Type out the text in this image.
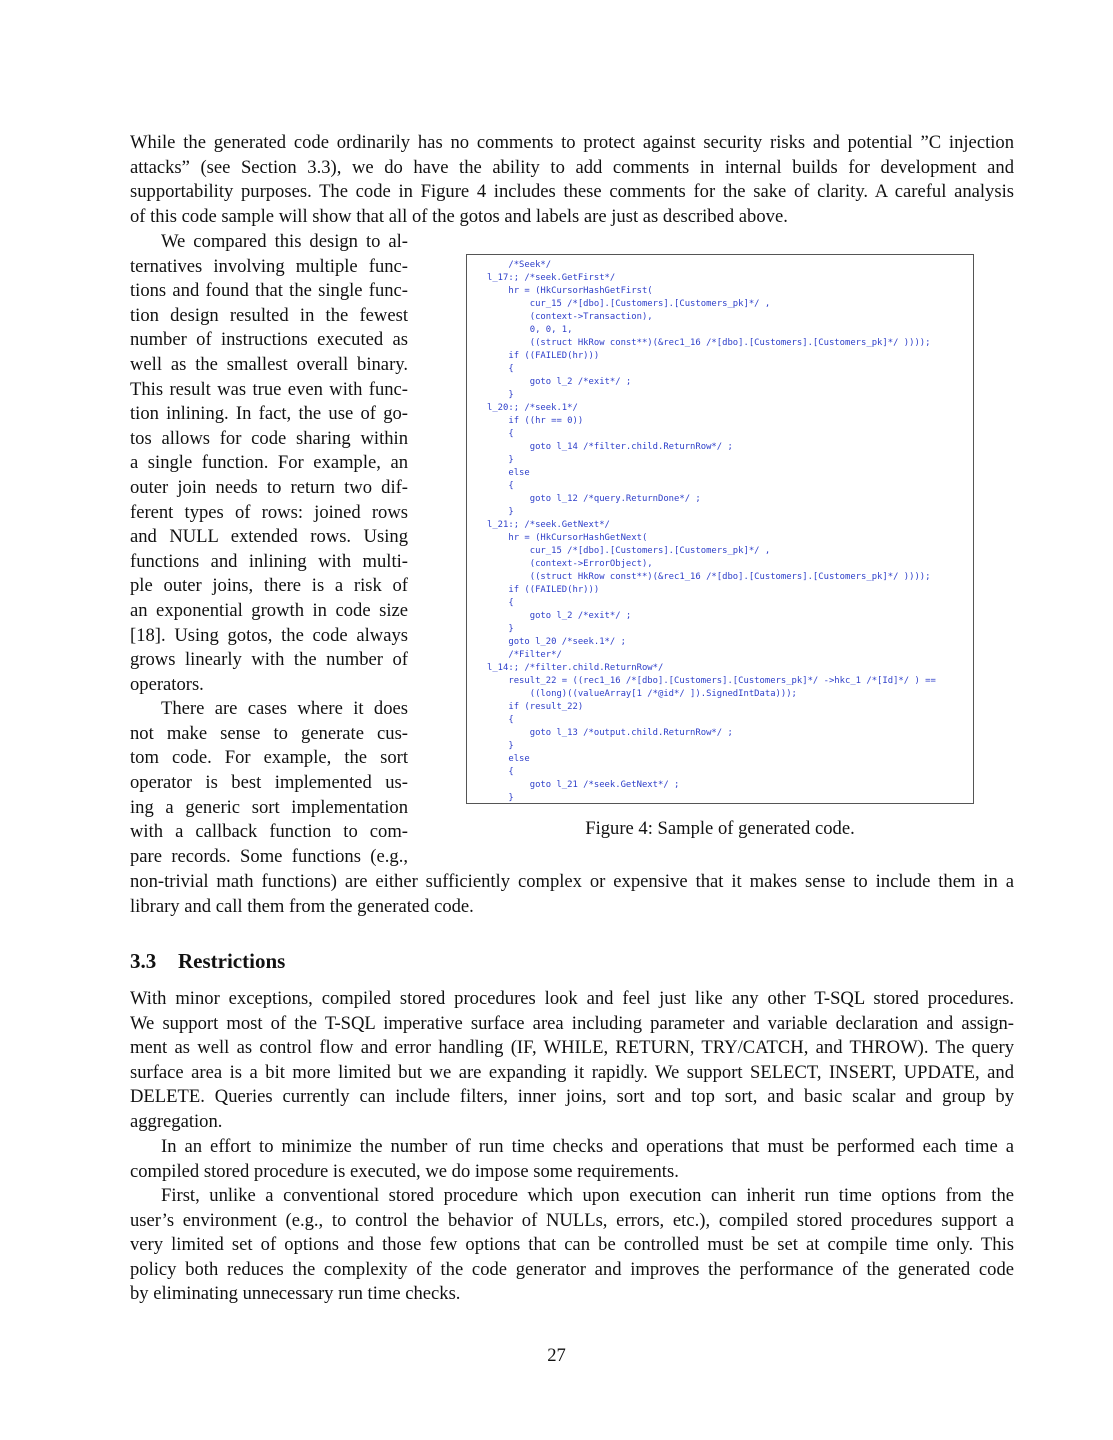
While the generated code ordinarily has no comments to protect against security risks and potential ”C injection
attacks” (see Section 3.3), we do have the ability to add comments in internal builds for development and
supportability purposes. The code in Figure 4 includes these comments for the sake of clarity. A careful analysis
of this code sample will show that all of the gotos and labels are just as described above.
We compared this design to al-
ternatives involving multiple func-
tions and found that the single func-
tion design resulted in the fewest
number of instructions executed as
well as the smallest overall binary.
This result was true even with func-
tion inlining. In fact, the use of go-
tos allows for code sharing within
a single function. For example, an
outer join needs to return two dif-
ferent types of rows: joined rows
and NULL extended rows. Using
functions and inlining with multi-
ple outer joins, there is a risk of
an exponential growth in code size
[18]. Using gotos, the code always
grows linearly with the number of
operators.
There are cases where it does
not make sense to generate cus-
tom code. For example, the sort
operator is best implemented us-
ing a generic sort implementation
with a callback function to com-
pare records. Some functions (e.g.,
/*Seek*/
l_17:; /*seek.GetFirst*/
hr = (HkCursorHashGetFirst(
cur_15 /*[dbo].[Customers].[Customers_pk]*/ ,
(context->Transaction),
0, 0, 1,
((struct HkRow const**)(&rec1_16 /*[dbo].[Customers].[Customers_pk]*/ ))));
if ((FAILED(hr)))
{
goto l_2 /*exit*/ ;
}
l_20:; /*seek.1*/
if ((hr == 0))
{
goto l_14 /*filter.child.ReturnRow*/ ;
}
else
{
goto l_12 /*query.ReturnDone*/ ;
}
l_21:; /*seek.GetNext*/
hr = (HkCursorHashGetNext(
cur_15 /*[dbo].[Customers].[Customers_pk]*/ ,
(context->ErrorObject),
((struct HkRow const**)(&rec1_16 /*[dbo].[Customers].[Customers_pk]*/ ))));
if ((FAILED(hr)))
{
goto l_2 /*exit*/ ;
}
goto l_20 /*seek.1*/ ;
/*Filter*/
l_14:; /*filter.child.ReturnRow*/
result_22 = ((rec1_16 /*[dbo].[Customers].[Customers_pk]*/ ->hkc_1 /*[Id]*/ ) ==
((long)((valueArray[1 /*@id*/ ]).SignedIntData)));
if (result_22)
{
goto l_13 /*output.child.ReturnRow*/ ;
}
else
{
goto l_21 /*seek.GetNext*/ ;
}

Figure 4: Sample of generated code.
non-trivial math functions) are either sufficiently complex or expensive that it makes sense to include them in a
library and call them from the generated code.
3.3 Restrictions
With minor exceptions, compiled stored procedures look and feel just like any other T-SQL stored procedures.
We support most of the T-SQL imperative surface area including parameter and variable declaration and assign-
ment as well as control flow and error handling (IF, WHILE, RETURN, TRY/CATCH, and THROW). The query
surface area is a bit more limited but we are expanding it rapidly. We support SELECT, INSERT, UPDATE, and
DELETE. Queries currently can include filters, inner joins, sort and top sort, and basic scalar and group by
aggregation.
In an effort to minimize the number of run time checks and operations that must be performed each time a
compiled stored procedure is executed, we do impose some requirements.
First, unlike a conventional stored procedure which upon execution can inherit run time options from the
user’s environment (e.g., to control the behavior of NULLs, errors, etc.), compiled stored procedures support a
very limited set of options and those few options that can be controlled must be set at compile time only. This
policy both reduces the complexity of the code generator and improves the performance of the generated code
by eliminating unnecessary run time checks.
27
